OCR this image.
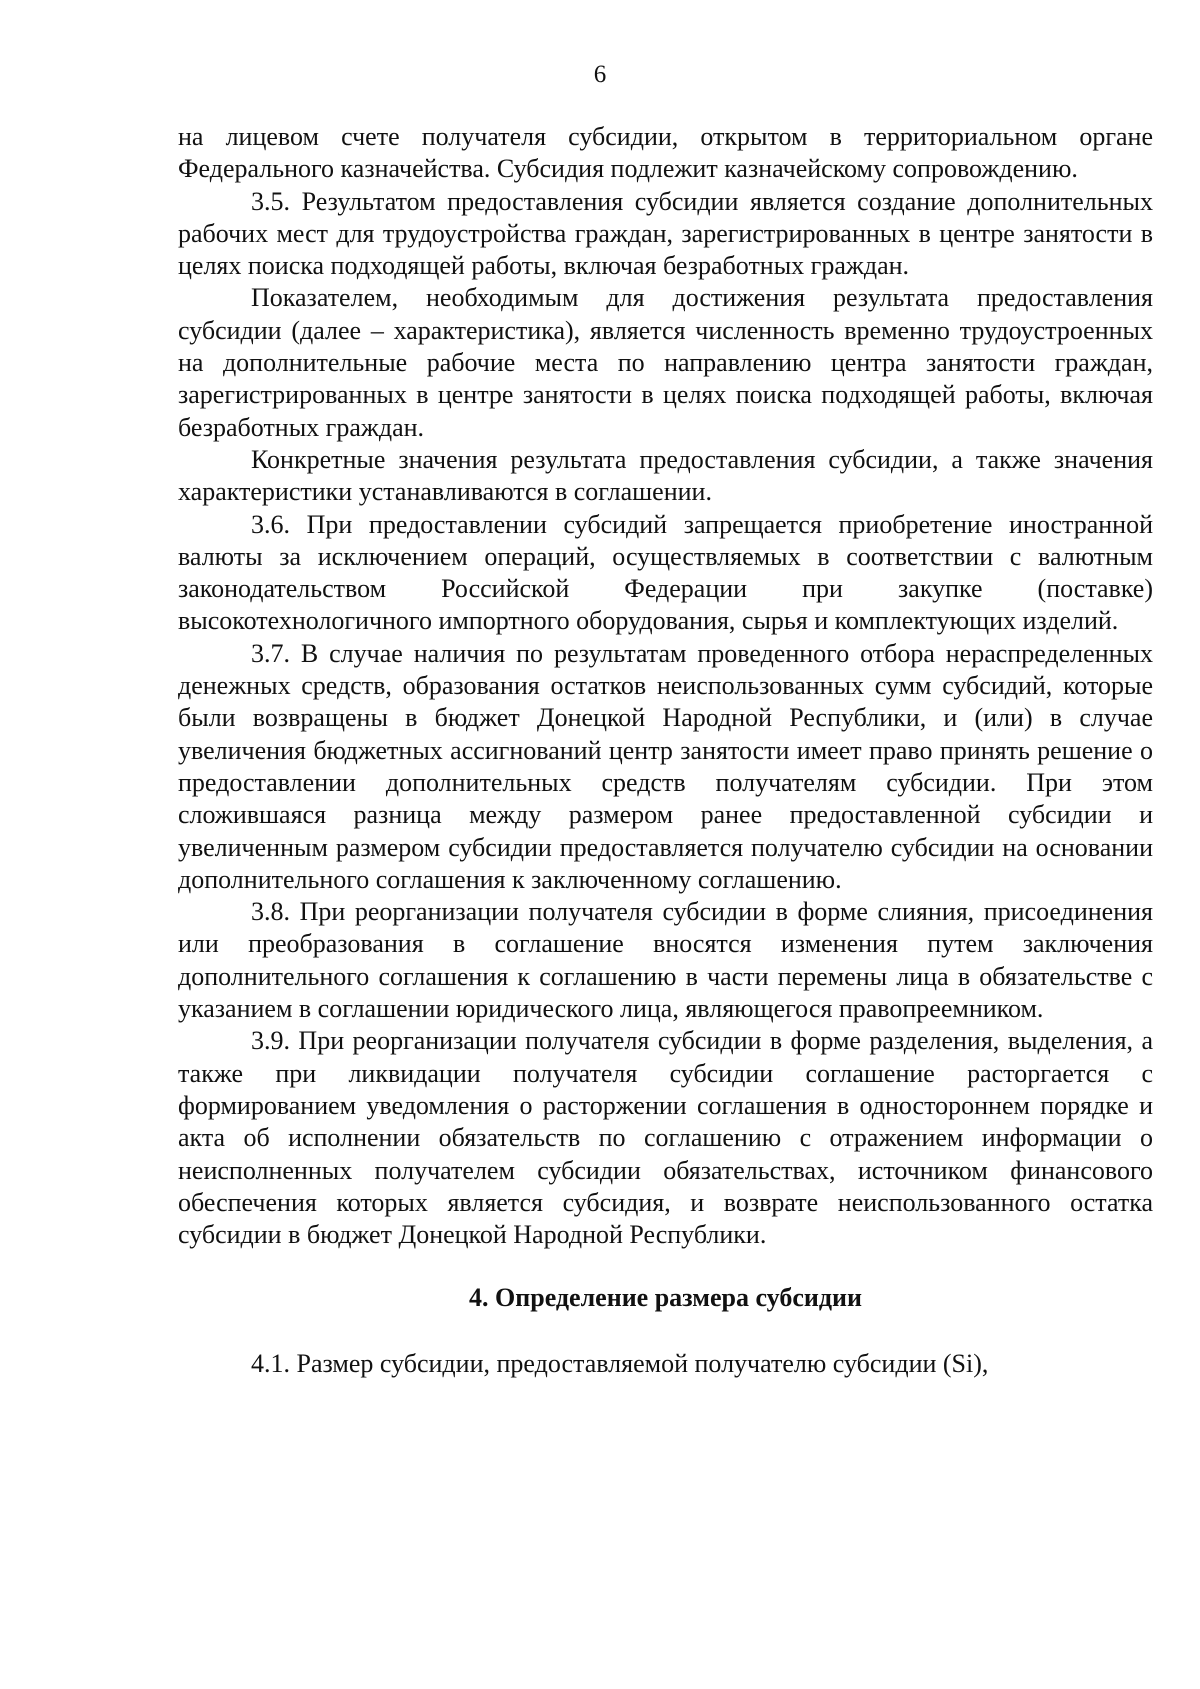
6

на лицевом счете получателя субсидии, открытом в территориальном органе Федерального казначейства. Субсидия подлежит казначейскому сопровождению.

3.5. Результатом предоставления субсидии является создание дополнительных рабочих мест для трудоустройства граждан, зарегистрированных в центре занятости в целях поиска подходящей работы, включая безработных граждан.

Показателем, необходимым для достижения результата предоставления субсидии (далее – характеристика), является численность временно трудоустроенных на дополнительные рабочие места по направлению центра занятости граждан, зарегистрированных в центре занятости в целях поиска подходящей работы, включая безработных граждан.

Конкретные значения результата предоставления субсидии, а также значения характеристики устанавливаются в соглашении.

3.6. При предоставлении субсидий запрещается приобретение иностранной валюты за исключением операций, осуществляемых в соответствии с валютным законодательством Российской Федерации при закупке (поставке) высокотехнологичного импортного оборудования, сырья и комплектующих изделий.

3.7. В случае наличия по результатам проведенного отбора нераспределенных денежных средств, образования остатков неиспользованных сумм субсидий, которые были возвращены в бюджет Донецкой Народной Республики, и (или) в случае увеличения бюджетных ассигнований центр занятости имеет право принять решение о предоставлении дополнительных средств получателям субсидии. При этом сложившаяся разница между размером ранее предоставленной субсидии и увеличенным размером субсидии предоставляется получателю субсидии на основании дополнительного соглашения к заключенному соглашению.

3.8. При реорганизации получателя субсидии в форме слияния, присоединения или преобразования в соглашение вносятся изменения путем заключения дополнительного соглашения к соглашению в части перемены лица в обязательстве с указанием в соглашении юридического лица, являющегося правопреемником.

3.9. При реорганизации получателя субсидии в форме разделения, выделения, а также при ликвидации получателя субсидии соглашение расторгается с формированием уведомления о расторжении соглашения в одностороннем порядке и акта об исполнении обязательств по соглашению с отражением информации о неисполненных получателем субсидии обязательствах, источником финансового обеспечения которых является субсидия, и возврате неиспользованного остатка субсидии в бюджет Донецкой Народной Республики.

4. Определение размера субсидии

4.1. Размер субсидии, предоставляемой получателю субсидии (Si),
